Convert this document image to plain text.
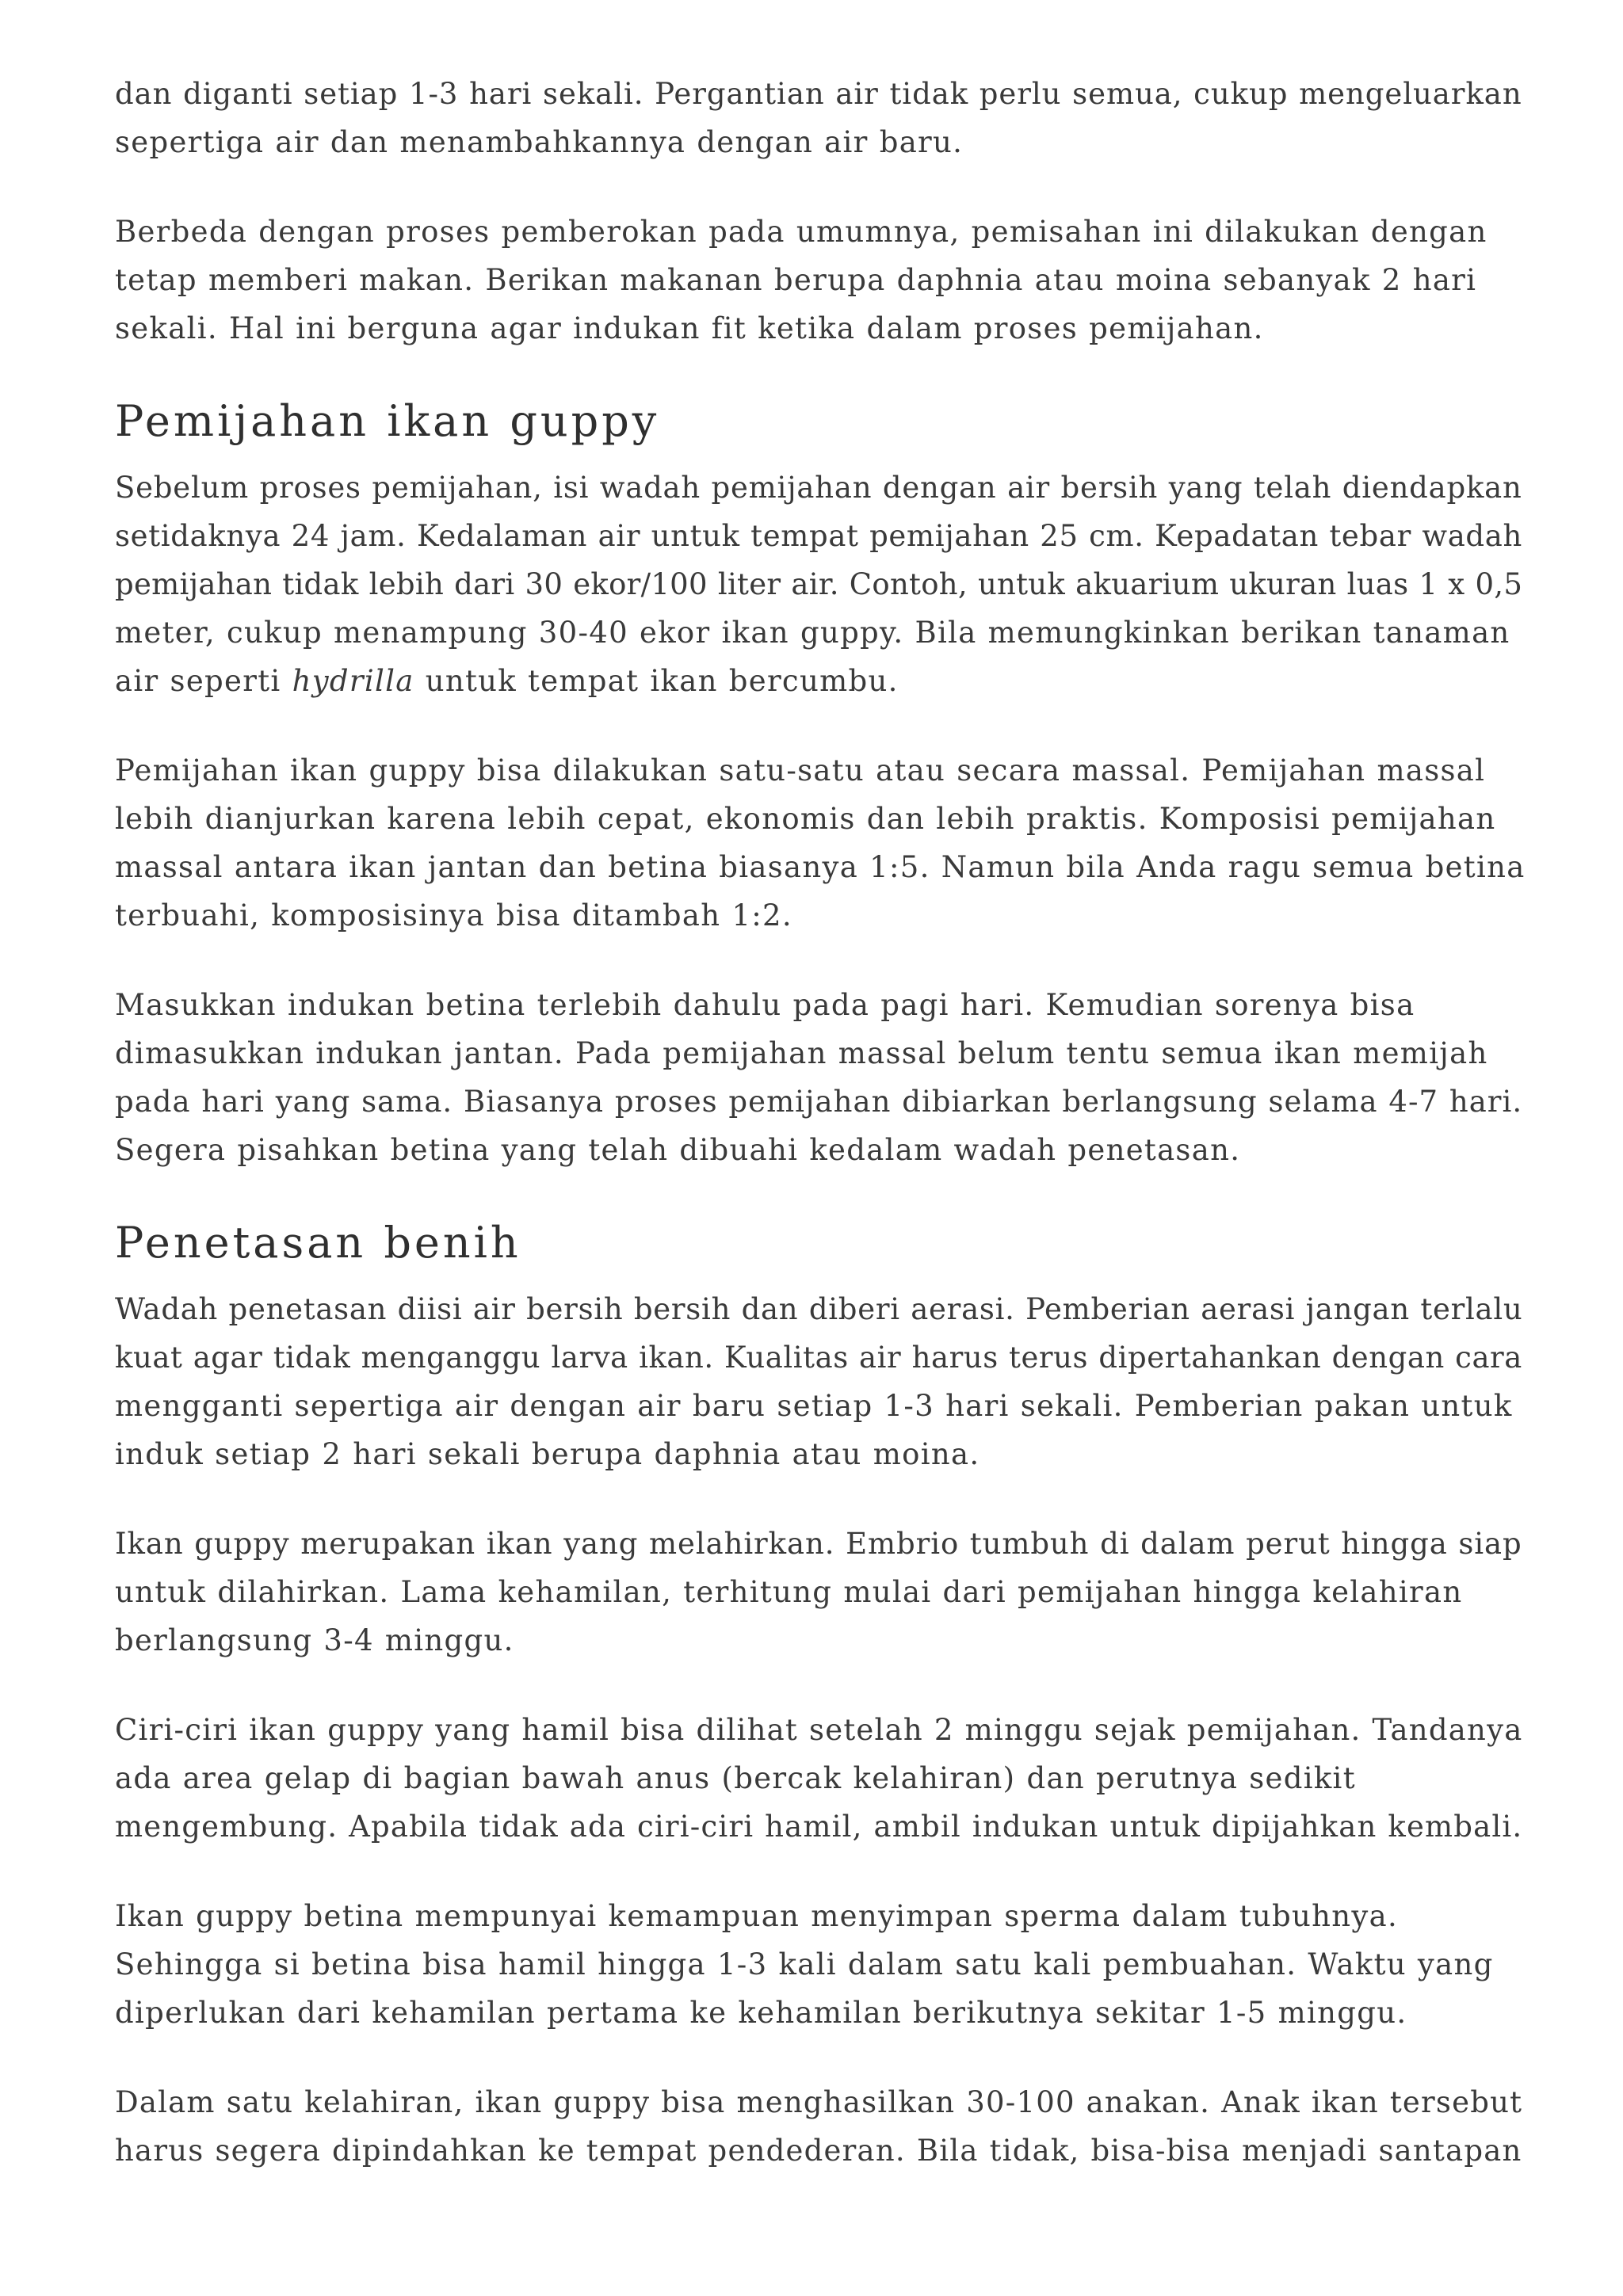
dan diganti setiap 1-3 hari sekali. Pergantian air tidak perlu semua, cukup mengeluarkan
sepertiga air dan menambahkannya dengan air baru.

Berbeda dengan proses pemberokan pada umumnya, pemisahan ini dilakukan dengan
tetap memberi makan. Berikan makanan berupa daphnia atau moina sebanyak 2 hari
sekali. Hal ini berguna agar indukan fit ketika dalam proses pemijahan.

Pemijahan ikan guppy

Sebelum proses pemijahan, isi wadah pemijahan dengan air bersih yang telah diendapkan
setidaknya 24 jam. Kedalaman air untuk tempat pemijahan 25 cm. Kepadatan tebar wadah
pemijahan tidak lebih dari 30 ekor/100 liter air. Contoh, untuk akuarium ukuran luas 1 x 0,5
meter, cukup menampung 30-40 ekor ikan guppy. Bila memungkinkan berikan tanaman
air seperti hydrilla untuk tempat ikan bercumbu.

Pemijahan ikan guppy bisa dilakukan satu-satu atau secara massal. Pemijahan massal
lebih dianjurkan karena lebih cepat, ekonomis dan lebih praktis. Komposisi pemijahan
massal antara ikan jantan dan betina biasanya 1:5. Namun bila Anda ragu semua betina
terbuahi, komposisinya bisa ditambah 1:2.

Masukkan indukan betina terlebih dahulu pada pagi hari. Kemudian sorenya bisa
dimasukkan indukan jantan. Pada pemijahan massal belum tentu semua ikan memijah
pada hari yang sama. Biasanya proses pemijahan dibiarkan berlangsung selama 4-7 hari.
Segera pisahkan betina yang telah dibuahi kedalam wadah penetasan.

Penetasan benih

Wadah penetasan diisi air bersih bersih dan diberi aerasi. Pemberian aerasi jangan terlalu
kuat agar tidak menganggu larva ikan. Kualitas air harus terus dipertahankan dengan cara
mengganti sepertiga air dengan air baru setiap 1-3 hari sekali. Pemberian pakan untuk
induk setiap 2 hari sekali berupa daphnia atau moina.

Ikan guppy merupakan ikan yang melahirkan. Embrio tumbuh di dalam perut hingga siap
untuk dilahirkan. Lama kehamilan, terhitung mulai dari pemijahan hingga kelahiran
berlangsung 3-4 minggu.

Ciri-ciri ikan guppy yang hamil bisa dilihat setelah 2 minggu sejak pemijahan. Tandanya
ada area gelap di bagian bawah anus (bercak kelahiran) dan perutnya sedikit
mengembung. Apabila tidak ada ciri-ciri hamil, ambil indukan untuk dipijahkan kembali.

Ikan guppy betina mempunyai kemampuan menyimpan sperma dalam tubuhnya.
Sehingga si betina bisa hamil hingga 1-3 kali dalam satu kali pembuahan. Waktu yang
diperlukan dari kehamilan pertama ke kehamilan berikutnya sekitar 1-5 minggu.

Dalam satu kelahiran, ikan guppy bisa menghasilkan 30-100 anakan. Anak ikan tersebut
harus segera dipindahkan ke tempat pendederan. Bila tidak, bisa-bisa menjadi santapan
